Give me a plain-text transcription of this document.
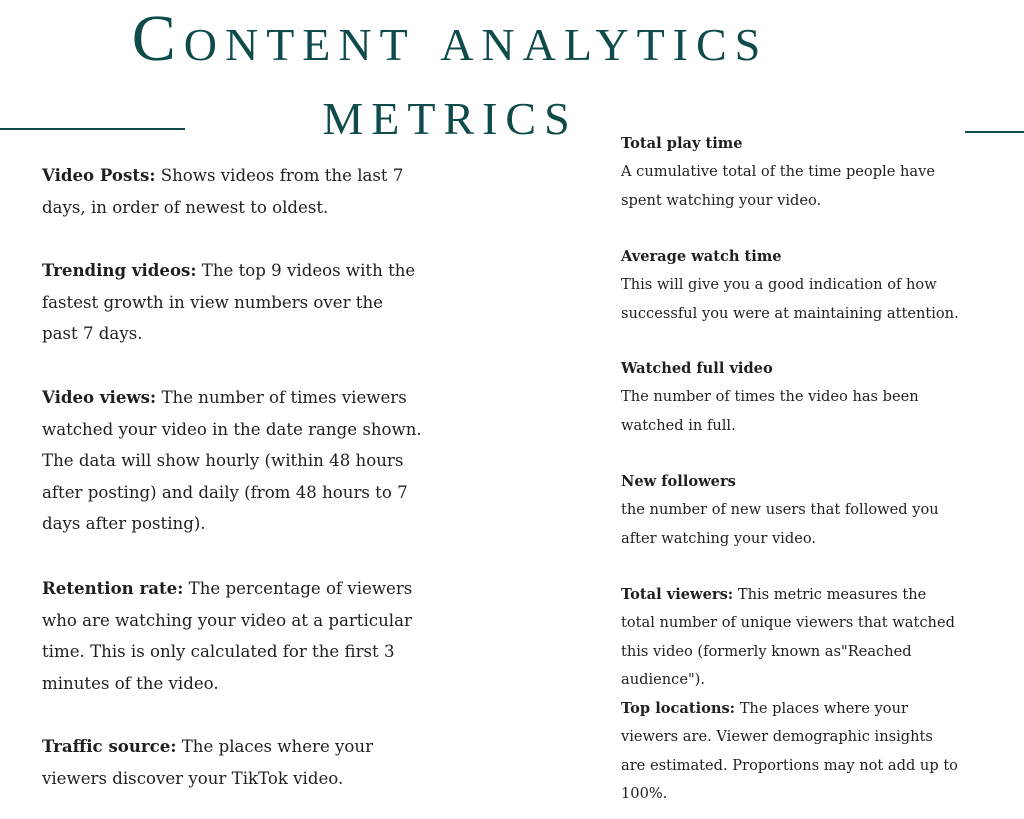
Content analytics
metrics
Video Posts: Shows videos from the last 7 days, in order of newest to oldest.
Trending videos: The top 9 videos with the fastest growth in view numbers over the past 7 days.
Video views: The number of times viewers watched your video in the date range shown. The data will show hourly (within 48 hours after posting) and daily (from 48 hours to 7 days after posting).
Retention rate: The percentage of viewers who are watching your video at a particular time. This is only calculated for the first 3 minutes of the video.
Traffic source: The places where your viewers discover your TikTok video.
Total play time
A cumulative total of the time people have spent watching your video.
Average watch time
This will give you a good indication of how successful you were at maintaining attention.
Watched full video
The number of times the video has been watched in full.
New followers
the number of new users that followed you after watching your video.
Total viewers: This metric measures the total number of unique viewers that watched this video (formerly known as"Reached audience").
Top locations: The places where your viewers are. Viewer demographic insights are estimated. Proportions may not add up to 100%.
